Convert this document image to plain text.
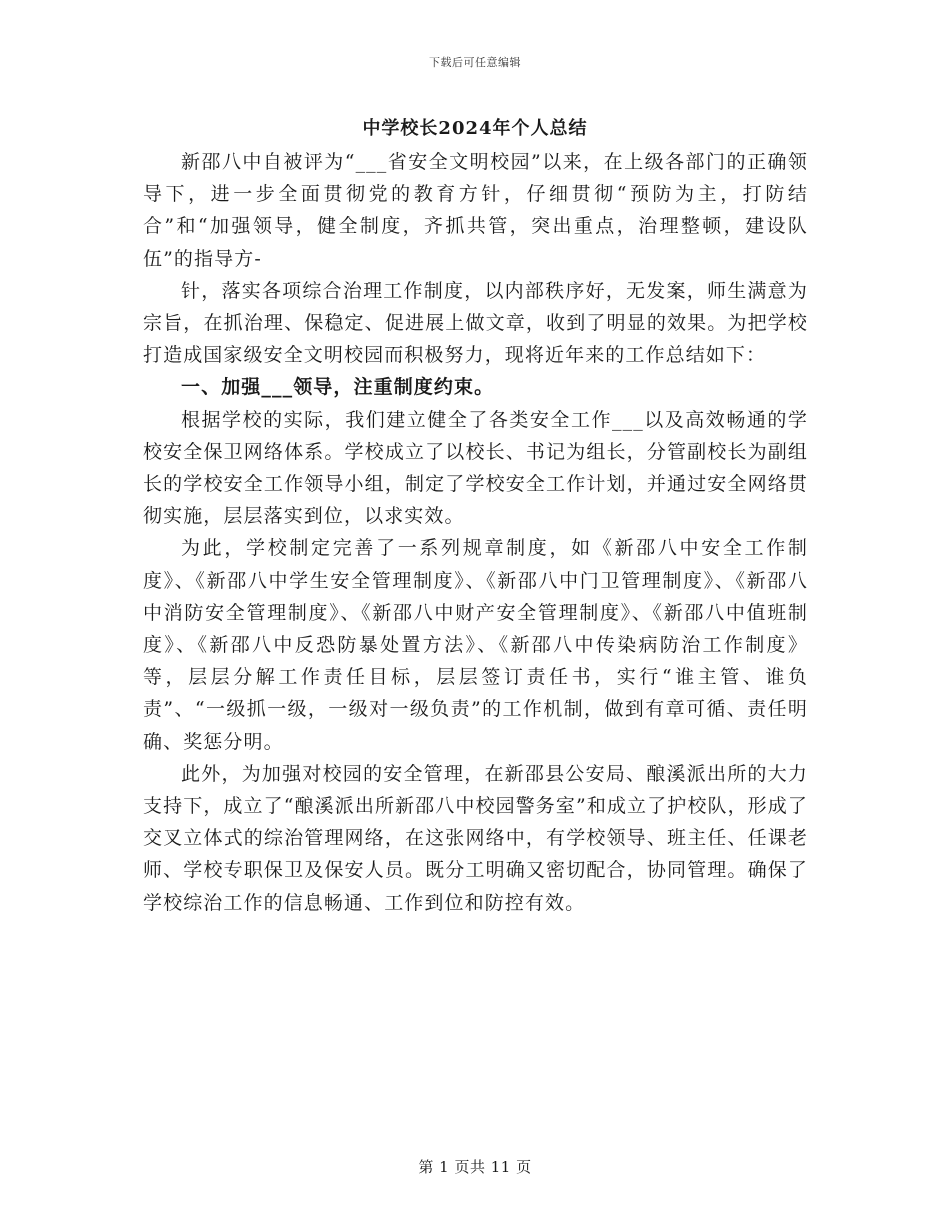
下载后可任意编辑
中学校长2024年个人总结

新邵八中自被评为“___省安全文明校园”以来，在上级各部门的正确领导下，进一步全面贯彻党的教育方针，仔细贯彻“预防为主，打防结合”和“加强领导，健全制度，齐抓共管，突出重点，治理整顿，建设队伍”的指导方-

针，落实各项综合治理工作制度，以内部秩序好，无发案，师生满意为宗旨，在抓治理、保稳定、促进展上做文章，收到了明显的效果。为把学校打造成国家级安全文明校园而积极努力，现将近年来的工作总结如下：

一、加强___领导，注重制度约束。

根据学校的实际，我们建立健全了各类安全工作___以及高效畅通的学校安全保卫网络体系。学校成立了以校长、书记为组长，分管副校长为副组长的学校安全工作领导小组，制定了学校安全工作计划，并通过安全网络贯彻实施，层层落实到位，以求实效。

为此，学校制定完善了一系列规章制度，如《新邵八中安全工作制度》、《新邵八中学生安全管理制度》、《新邵八中门卫管理制度》、《新邵八中消防安全管理制度》、《新邵八中财产安全管理制度》、《新邵八中值班制度》、《新邵八中反恐防暴处置方法》、《新邵八中传染病防治工作制度》等，层层分解工作责任目标，层层签订责任书，实行“谁主管、谁负责”、“一级抓一级，一级对一级负责”的工作机制，做到有章可循、责任明确、奖惩分明。

此外，为加强对校园的安全管理，在新邵县公安局、酿溪派出所的大力支持下，成立了“酿溪派出所新邵八中校园警务室”和成立了护校队，形成了交叉立体式的综治管理网络，在这张网络中，有学校领导、班主任、任课老师、学校专职保卫及保安人员。既分工明确又密切配合，协同管理。确保了学校综治工作的信息畅通、工作到位和防控有效。

第 1 页共 11 页
